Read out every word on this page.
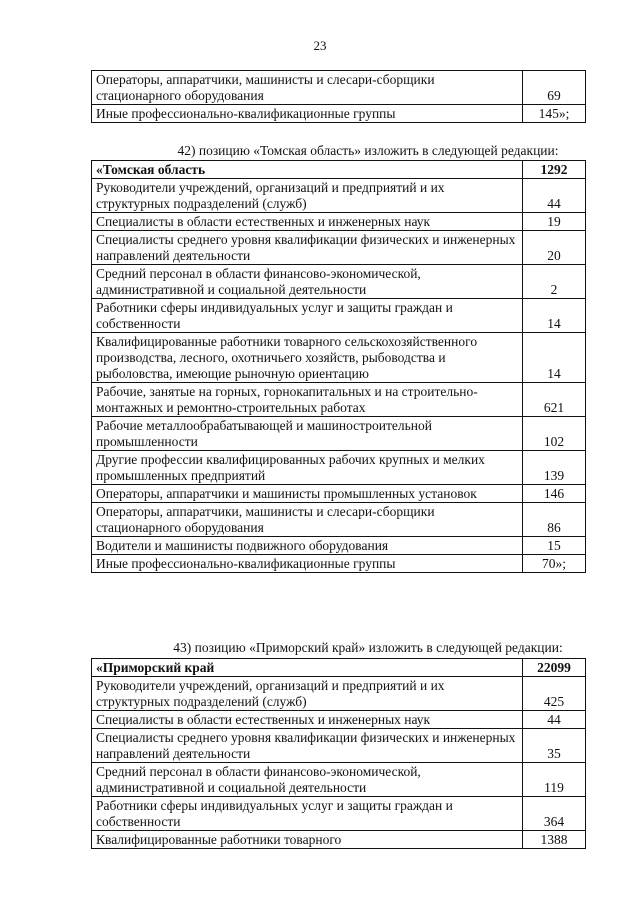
23
Операторы, аппаратчики, машинисты и слесари-сборщики стационарного оборудования	69
Иные профессионально-квалификационные группы	145»;
42) позицию «Томская область» изложить в следующей редакции:
«Томская область	1292
Руководители учреждений, организаций и предприятий и их структурных подразделений (служб)	44
Специалисты в области естественных и инженерных наук	19
Специалисты среднего уровня квалификации физических и инженерных направлений деятельности	20
Средний персонал в области финансово-экономической, административной и социальной деятельности	2
Работники сферы индивидуальных услуг и защиты граждан и собственности	14
Квалифицированные работники товарного сельскохозяйственного производства, лесного, охотничьего хозяйств, рыбоводства и рыболовства, имеющие рыночную ориентацию	14
Рабочие, занятые на горных, горнокапитальных и на строительно-монтажных и ремонтно-строительных работах	621
Рабочие металлообрабатывающей и машиностроительной промышленности	102
Другие профессии квалифицированных рабочих крупных и мелких промышленных предприятий	139
Операторы, аппаратчики и машинисты промышленных установок	146
Операторы, аппаратчики, машинисты и слесари-сборщики стационарного оборудования	86
Водители и машинисты подвижного оборудования	15
Иные профессионально-квалификационные группы	70»;
43) позицию «Приморский край» изложить в следующей редакции:
«Приморский край	22099
Руководители учреждений, организаций и предприятий и их структурных подразделений (служб)	425
Специалисты в области естественных и инженерных наук	44
Специалисты среднего уровня квалификации физических и инженерных направлений деятельности	35
Средний персонал в области финансово-экономической, административной и социальной деятельности	119
Работники сферы индивидуальных услуг и защиты граждан и собственности	364
Квалифицированные работники товарного	1388
